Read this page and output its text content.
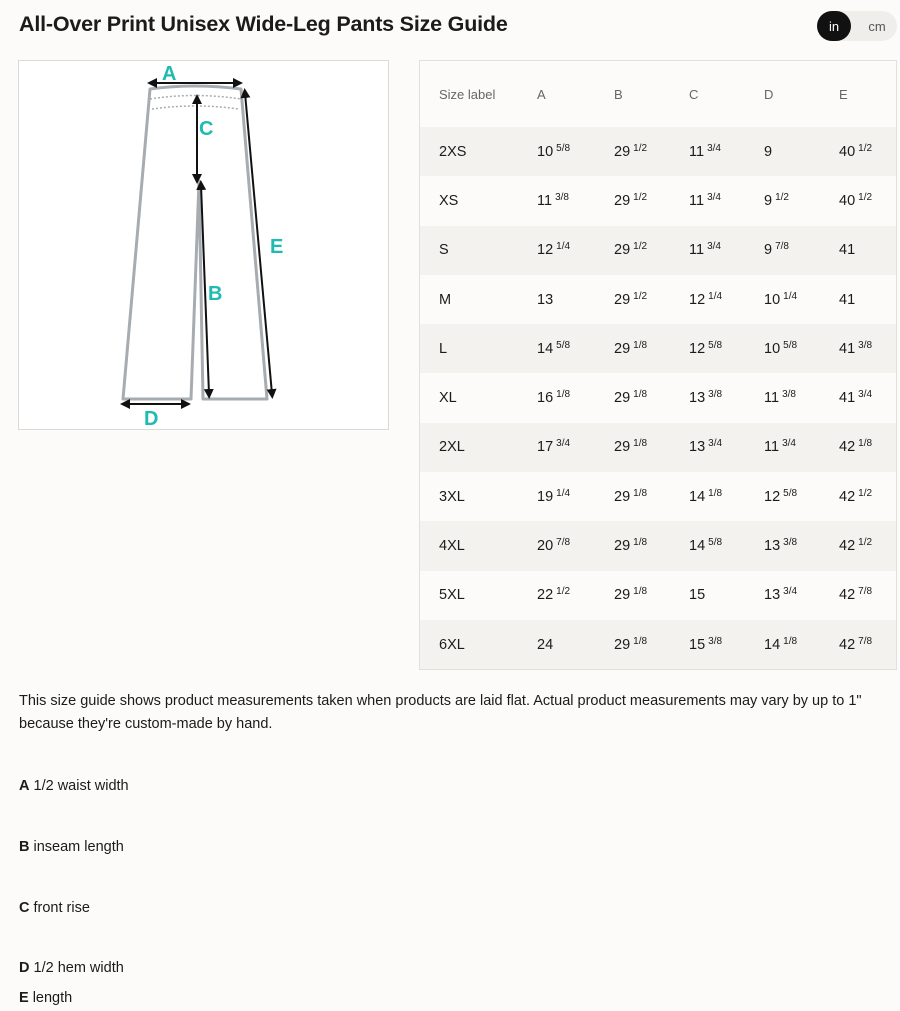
All-Over Print Unisex Wide-Leg Pants Size Guide	in	cm
A
C
B
E
D
Size label	A	B	C	D	E
2XS	10 $^{5/8}$	29 $^{1/2}$	11 $^{3/4}$	9	40 $^{1/2}$
XS	11 $^{3/8}$	29 $^{1/2}$	11 $^{3/4}$	9 $^{1/2}$	40 $^{1/2}$
S	12 $^{1/4}$	29 $^{1/2}$	11 $^{3/4}$	9 $^{7/8}$	41
M	13	29 $^{1/2}$	12 $^{1/4}$	10 $^{1/4}$	41
L	14 $^{5/8}$	29 $^{1/8}$	12 $^{5/8}$	10 $^{5/8}$	41 $^{3/8}$
XL	16 $^{1/8}$	29 $^{1/8}$	13 $^{3/8}$	11 $^{3/8}$	41 $^{3/4}$
2XL	17 $^{3/4}$	29 $^{1/8}$	13 $^{3/4}$	11 $^{3/4}$	42 $^{1/8}$
3XL	19 $^{1/4}$	29 $^{1/8}$	14 $^{1/8}$	12 $^{5/8}$	42 $^{1/2}$
4XL	20 $^{7/8}$	29 $^{1/8}$	14 $^{5/8}$	13 $^{3/8}$	42 $^{1/2}$
5XL	22 $^{1/2}$	29 $^{1/8}$	15	13 $^{3/4}$	42 $^{7/8}$
6XL	24	29 $^{1/8}$	15 $^{3/8}$	14 $^{1/8}$	42 $^{7/8}$

This size guide shows product measurements taken when products are laid flat. Actual product measurements may vary by up to 1" because they're custom-made by hand.

A 1/2 waist width
B inseam length
C front rise
D 1/2 hem width
E length
